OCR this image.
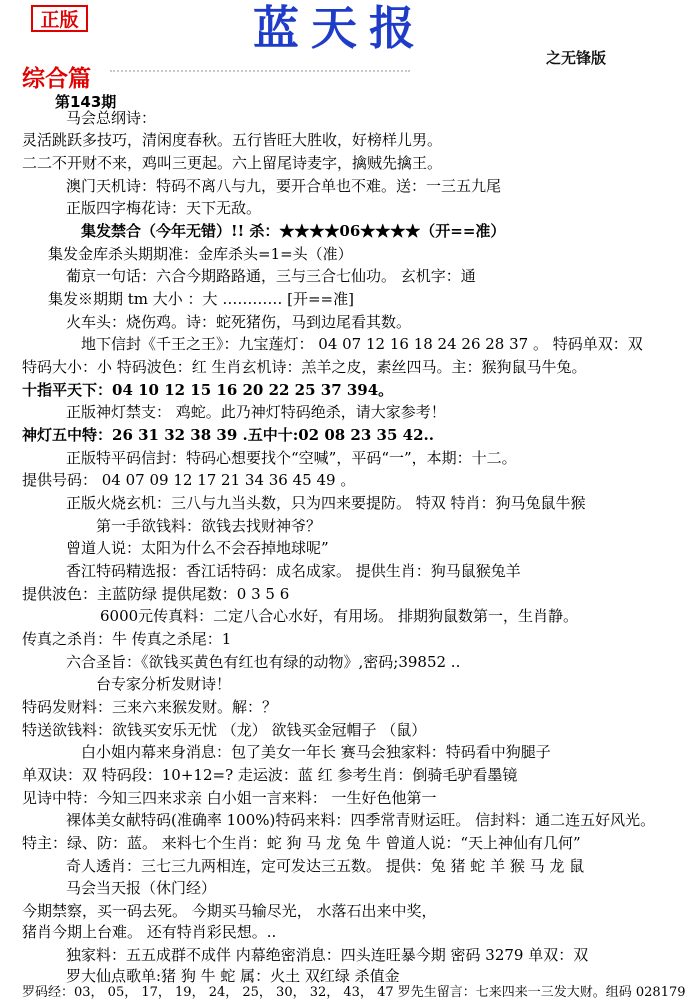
正版	蓝天报
之无锋版
综合篇
第143期
马会总纲诗：
灵活跳跃多技巧，清闲度春秋。五行皆旺大胜收，好榜样儿男。
二二不开财不来，鸡叫三更起。六上留尾诗麦字，擒贼先擒王。
澳门天机诗：特码不离八与九，要开合单也不难。送：一三五九尾
正版四字梅花诗：天下无敌。
集发禁合（今年无错）!! 杀：★★★★06★★★★（开==准）
集发金库杀头期期准：金库杀头=1=头（准）
葡京一句话：六合今期路路通，三与三合七仙功。 玄机字：通
集发※期期 tm 大小 ：大 ………… [开==准]
火车头：烧伤鸡。诗：蛇死猪伤，马到边尾看其数。
地下信封《千王之王》：九宝莲灯： 04 07 12 16 18 24 26 28 37 。 特码单双：双
特码大小：小 特码波色：红 生肖玄机诗：羔羊之皮，素丝四马。主：猴狗鼠马牛兔。
十指平天下：04 10 12 15 16 20 22 25 37 394。
正版神灯禁支： 鸡蛇。此乃神灯特码绝杀，请大家参考！
神灯五中特：26 31 32 38 39 .五中十:02 08 23 35 42..
正版特平码信封：特码心想要找个“空喊”，平码“一”，本期：十二。
提供号码： 04 07 09 12 17 21 34 36 45 49 。
正版火烧玄机：三八与九当头数，只为四来要提防。 特双 特肖：狗马兔鼠牛猴
第一手欲钱料：欲钱去找财神爷？
曾道人说：太阳为什么不会吞掉地球呢”
香江特码精选报：香江话特码：成名成家。 提供生肖：狗马鼠猴兔羊
提供波色：主蓝防绿 提供尾数：0 3 5 6
6000元传真料：二定八合心水好，有用场。 排期狗鼠数第一，生肖静。
传真之杀肖：牛 传真之杀尾：1
六合圣旨：《欲钱买黄色有红也有绿的动物》,密码;39852 ..
台专家分析发财诗！
特码发财料：三来六来猴发财。解：？
特送欲钱料：欲钱买安乐无忧 （龙） 欲钱买金冠帽子 （鼠）
白小姐内幕来身消息：包了美女一年长 赛马会独家料：特码看中狗腿子
单双诀：双 特码段：10+12=? 走运波：蓝 红 参考生肖：倒骑毛驴看墨镜
见诗中特：今知三四来求亲 白小姐一言来料： 一生好色他第一
裸体美女献特码(准确率 100%)特码来料：四季常青财运旺。 信封料：通二连五好风光。
特主：绿、防：蓝。 来料七个生肖：蛇 狗 马 龙 兔 牛 曾道人说：“天上神仙有几何”
奇人透肖：三七三九两相连，定可发达三五数。 提供：兔 猪 蛇 羊 猴 马 龙 鼠
马会当天报（休门经）
今期禁察，买一码去死。 今期买马输尽光， 水落石出来中奖，
猪肖今期上台难。 还有特肖彩民想。..
独家料：五五成群不成伴 内幕绝密消息：四头连旺暴今期 密码 3279 单双：双
罗大仙点歌单:猪 狗 牛 蛇 属：火土 双红绿 杀值金
罗码经：03， 05， 17， 19， 24， 25， 30， 32， 43， 47 罗先生留言：七来四来一三发大财。组码 028179
